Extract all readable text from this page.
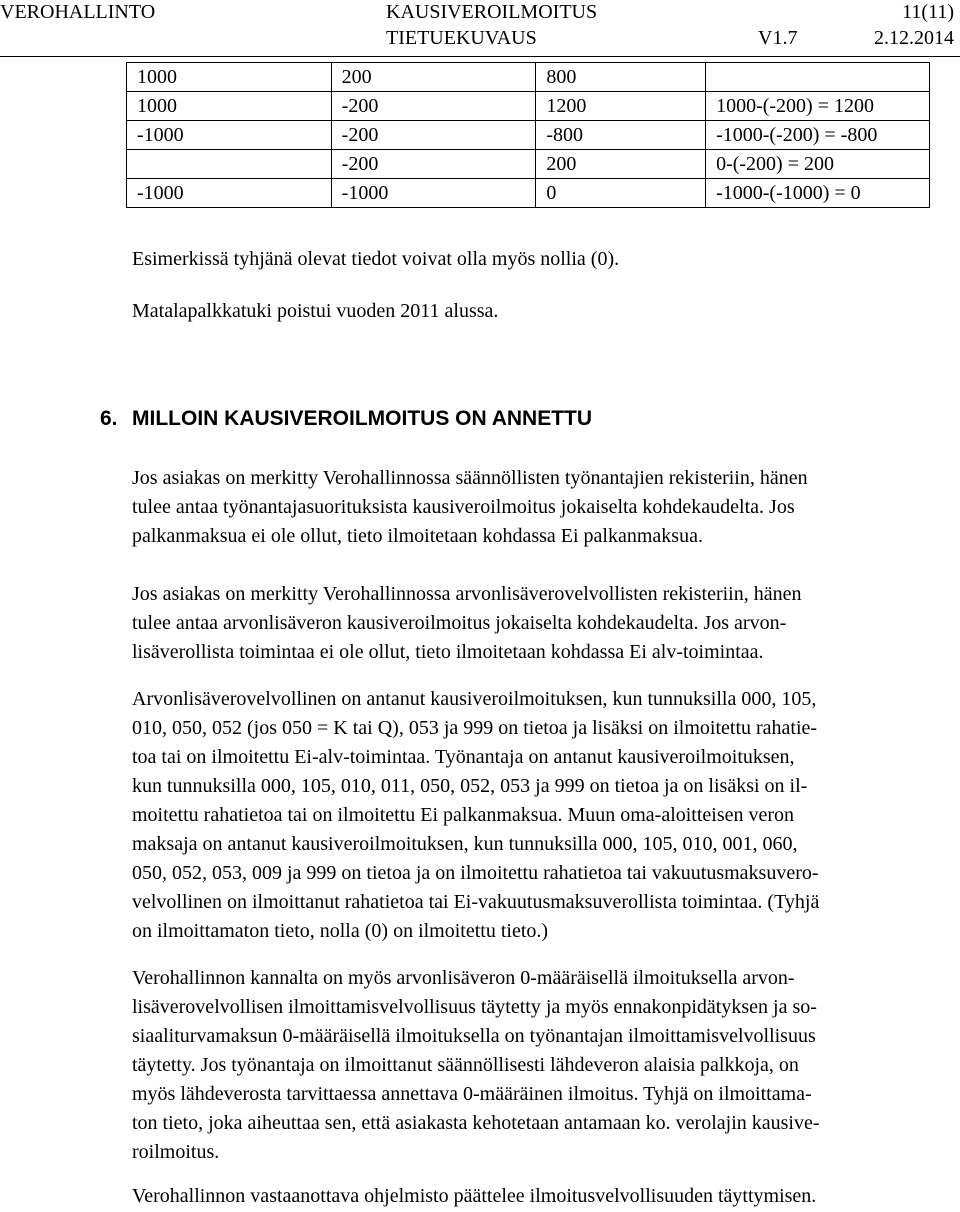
VEROHALLINTO	KAUSIVEROILMOITUS
TIETUEKUVAUS
11(11)
V1.7	2.12.2014
1000	200	800	
1000	-200	1200	1000-(-200) = 1200
-1000	-200	-800	-1000-(-200) = -800
	-200	200	0-(-200) = 200
-1000	-1000	0	-1000-(-1000) = 0
Esimerkissä tyhjänä olevat tiedot voivat olla myös nollia (0).
Matalapalkkatuki poistui vuoden 2011 alussa.
6. MILLOIN KAUSIVEROILMOITUS ON ANNETTU
Jos asiakas on merkitty Verohallinnossa säännöllisten työnantajien rekisteriin, hänen
tulee antaa työnantajasuorituksista kausiveroilmoitus jokaiselta kohdekaudelta. Jos
palkanmaksua ei ole ollut, tieto ilmoitetaan kohdassa Ei palkanmaksua.
Jos asiakas on merkitty Verohallinnossa arvonlisäverovelvollisten rekisteriin, hänen
tulee antaa arvonlisäveron kausiveroilmoitus jokaiselta kohdekaudelta. Jos arvon-
lisäverollista toimintaa ei ole ollut, tieto ilmoitetaan kohdassa Ei alv-toimintaa.
Arvonlisäverovelvollinen on antanut kausiveroilmoituksen, kun tunnuksilla 000, 105,
010, 050, 052 (jos 050 = K tai Q), 053 ja 999 on tietoa ja lisäksi on ilmoitettu rahatie-
toa tai on ilmoitettu Ei-alv-toimintaa. Työnantaja on antanut kausiveroilmoituksen,
kun tunnuksilla 000, 105, 010, 011, 050, 052, 053 ja 999 on tietoa ja on lisäksi on il-
moitettu rahatietoa tai on ilmoitettu Ei palkanmaksua. Muun oma-aloitteisen veron
maksaja on antanut kausiveroilmoituksen, kun tunnuksilla 000, 105, 010, 001, 060,
050, 052, 053, 009 ja 999 on tietoa ja on ilmoitettu rahatietoa tai vakuutusmaksuvero-
velvollinen on ilmoittanut rahatietoa tai Ei-vakuutusmaksuverollista toimintaa. (Tyhjä
on ilmoittamaton tieto, nolla (0) on ilmoitettu tieto.)
Verohallinnon kannalta on myös arvonlisäveron 0-määräisellä ilmoituksella arvon-
lisäverovelvollisen ilmoittamisvelvollisuus täytetty ja myös ennakonpidätyksen ja so-
siaaliturvamaksun 0-määräisellä ilmoituksella on työnantajan ilmoittamisvelvollisuus
täytetty. Jos työnantaja on ilmoittanut säännöllisesti lähdeveron alaisia palkkoja, on
myös lähdeverosta tarvittaessa annettava 0-määräinen ilmoitus. Tyhjä on ilmoittama-
ton tieto, joka aiheuttaa sen, että asiakasta kehotetaan antamaan ko. verolajin kausive-
roilmoitus.
Verohallinnon vastaanottava ohjelmisto päättelee ilmoitusvelvollisuuden täyttymisen.
